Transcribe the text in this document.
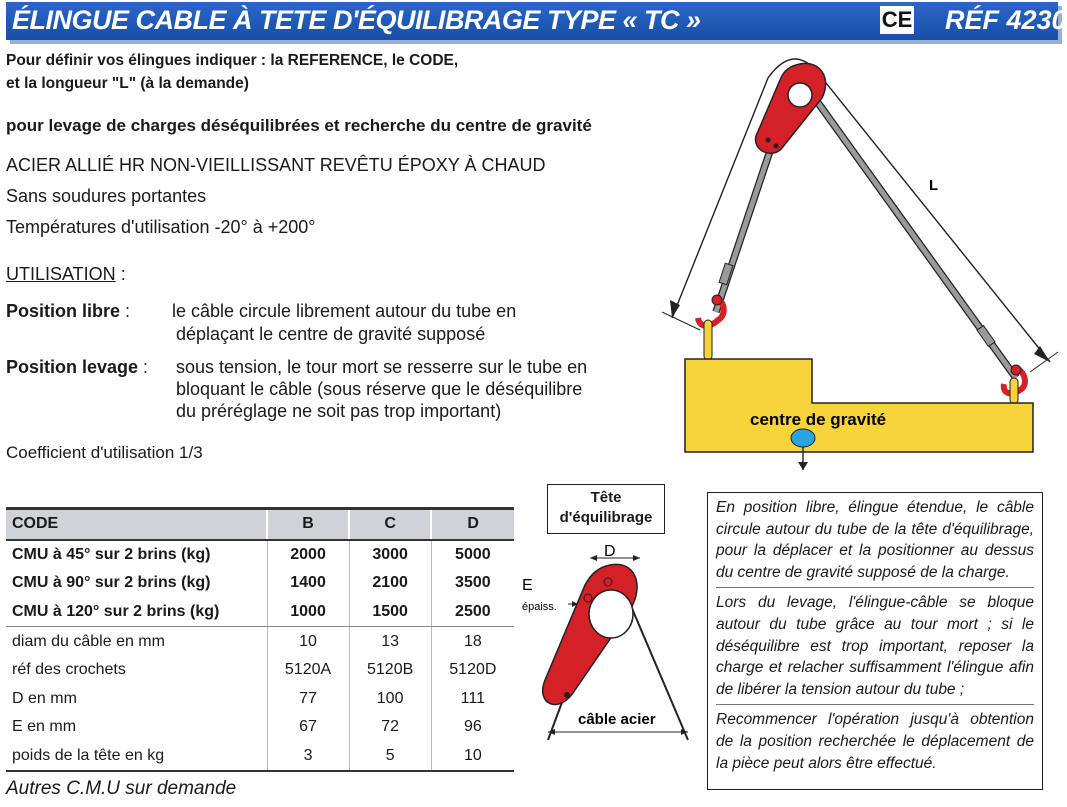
ÉLINGUE CABLE À TETE D'ÉQUILIBRAGE TYPE « TC »	CE RÉF 4230
Pour définir vos élingues indiquer : la REFERENCE, le CODE,
et la longueur "L" (à la demande)
pour levage de charges déséquilibrées et recherche du centre de gravité
ACIER ALLIÉ HR NON-VIEILLISSANT REVÊTU ÉPOXY À CHAUD
Sans soudures portantes
Températures d'utilisation -20° à +200°
UTILISATION :
Position libre : le câble circule librement autour du tube en
déplaçant le centre de gravité supposé
Position levage : sous tension, le tour mort se resserre sur le tube en
bloquant le câble (sous réserve que le déséquilibre
du préréglage ne soit pas trop important)
Coefficient d'utilisation 1/3
CODE	B	C	D
CMU à 45° sur 2 brins (kg)	2000	3000	5000
CMU à 90° sur 2 brins (kg)	1400	2100	3500
CMU à 120° sur 2 brins (kg)	1000	1500	2500
diam du câble en mm	10	13	18
réf des crochets	5120A	5120B	5120D
D en mm	77	100	111
E en mm	67	72	96
poids de la tête en kg	3	5	10
Autres C.M.U sur demande
L
centre de gravité
Tête
d'équilibrage
D
E
épaiss.
câble acier

En position libre, élingue étendue, le câble circule autour du tube de la tête d'équilibrage, pour la déplacer et la positionner au dessus du centre de gravité supposé de la charge.

Lors du levage, l'élingue-câble se bloque autour du tube grâce au tour mort ; si le déséquilibre est trop important, reposer la charge et relacher suffisamment l'élingue afin de libérer la tension autour du tube ;

Recommencer l'opération jusqu'à obtention de la position recherchée le déplacement de la pièce peut alors être effectué.
